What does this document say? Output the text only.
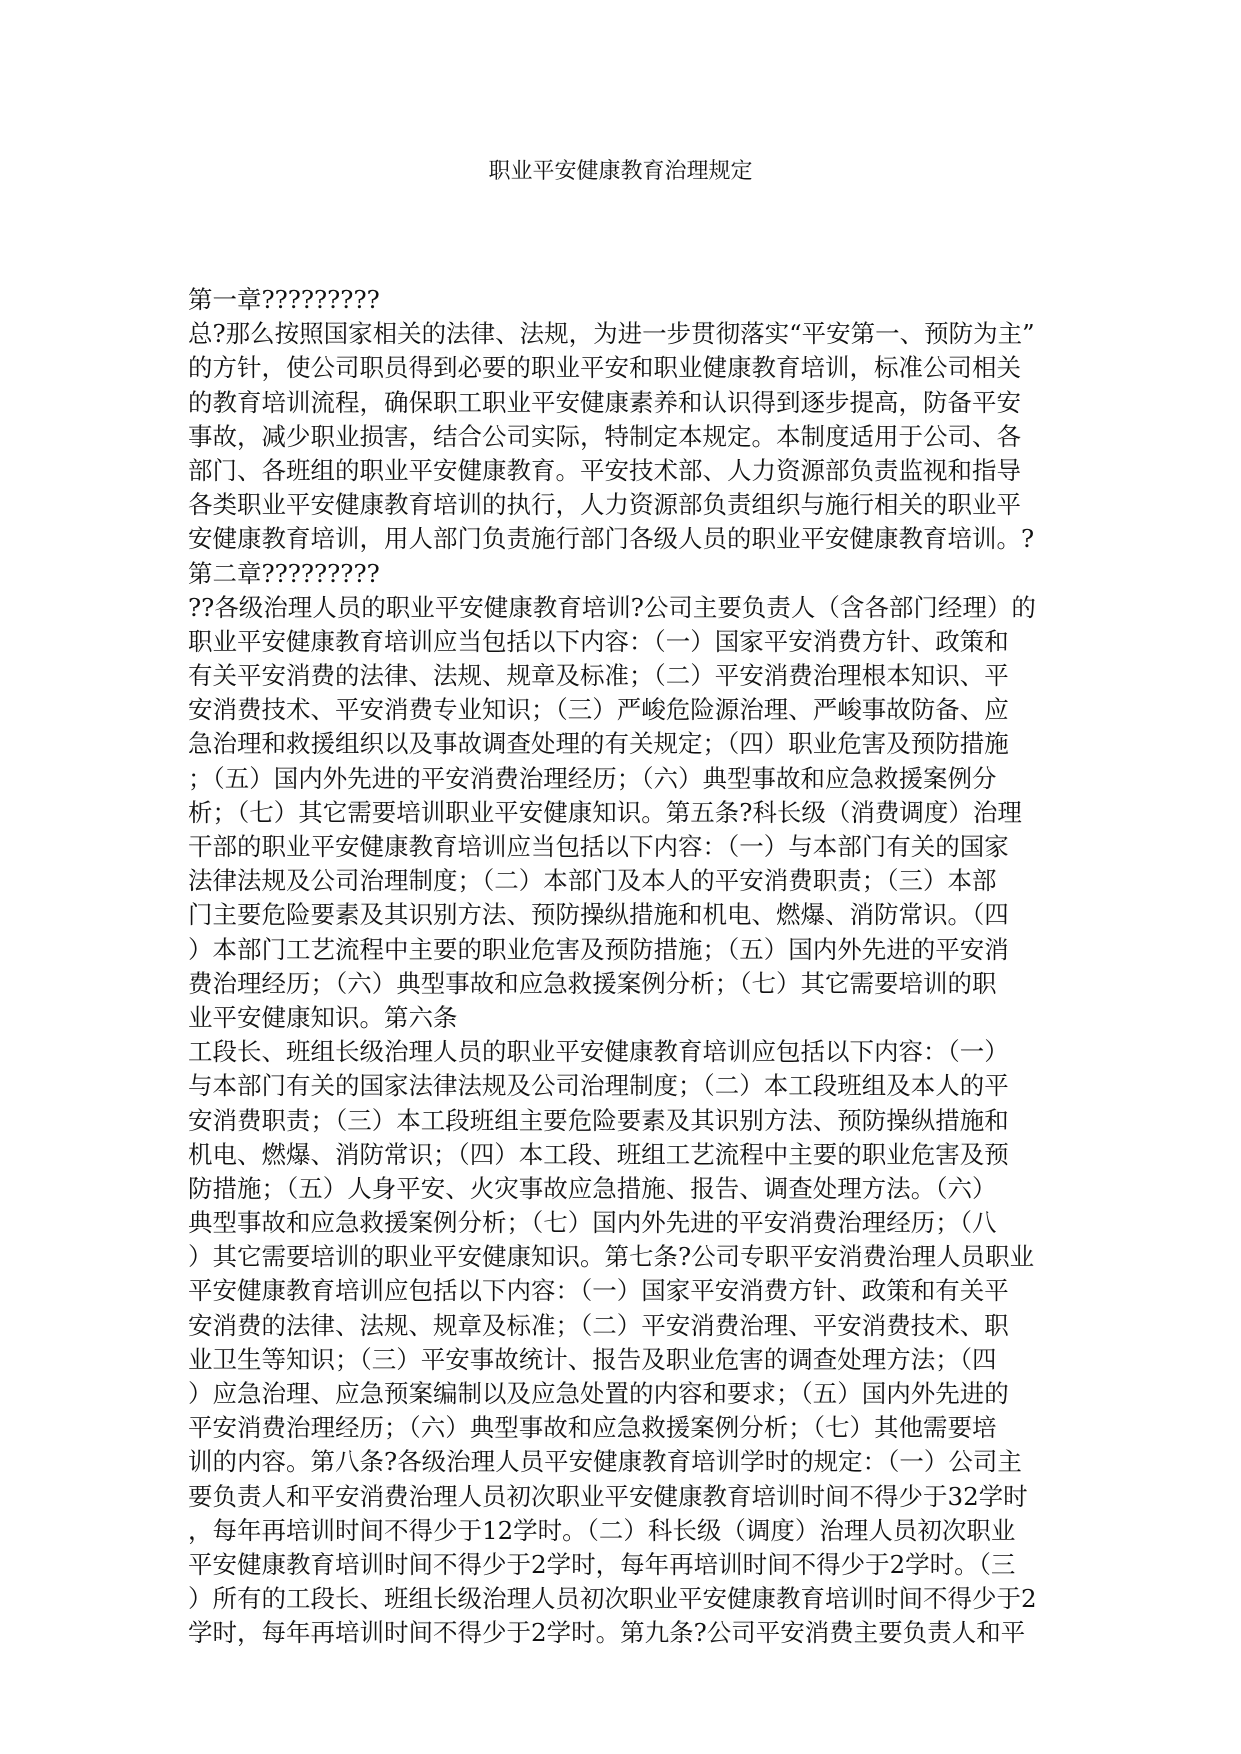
职业平安健康教育治理规定
第一章?????????
总?那么按照国家相关的法律、法规，为进一步贯彻落实“平安第一、预防为主”
的方针，使公司职员得到必要的职业平安和职业健康教育培训，标准公司相关
的教育培训流程，确保职工职业平安健康素养和认识得到逐步提高，防备平安
事故，减少职业损害，结合公司实际，特制定本规定。本制度适用于公司、各
部门、各班组的职业平安健康教育。平安技术部、人力资源部负责监视和指导
各类职业平安健康教育培训的执行，人力资源部负责组织与施行相关的职业平
安健康教育培训，用人部门负责施行部门各级人员的职业平安健康教育培训。?
第二章?????????
??各级治理人员的职业平安健康教育培训?公司主要负责人（含各部门经理）的
职业平安健康教育培训应当包括以下内容：（一）国家平安消费方针、政策和
有关平安消费的法律、法规、规章及标准；（二）平安消费治理根本知识、平
安消费技术、平安消费专业知识；（三）严峻危险源治理、严峻事故防备、应
急治理和救援组织以及事故调查处理的有关规定；（四）职业危害及预防措施
；（五）国内外先进的平安消费治理经历；（六）典型事故和应急救援案例分
析；（七）其它需要培训职业平安健康知识。第五条?科长级（消费调度）治理
干部的职业平安健康教育培训应当包括以下内容：（一）与本部门有关的国家
法律法规及公司治理制度；（二）本部门及本人的平安消费职责；（三）本部
门主要危险要素及其识别方法、预防操纵措施和机电、燃爆、消防常识。（四
）本部门工艺流程中主要的职业危害及预防措施；（五）国内外先进的平安消
费治理经历；（六）典型事故和应急救援案例分析；（七）其它需要培训的职
业平安健康知识。第六条
工段长、班组长级治理人员的职业平安健康教育培训应包括以下内容：（一）
与本部门有关的国家法律法规及公司治理制度；（二）本工段班组及本人的平
安消费职责；（三）本工段班组主要危险要素及其识别方法、预防操纵措施和
机电、燃爆、消防常识；（四）本工段、班组工艺流程中主要的职业危害及预
防措施；（五）人身平安、火灾事故应急措施、报告、调查处理方法。（六）
典型事故和应急救援案例分析；（七）国内外先进的平安消费治理经历；（八
）其它需要培训的职业平安健康知识。第七条?公司专职平安消费治理人员职业
平安健康教育培训应包括以下内容：（一）国家平安消费方针、政策和有关平
安消费的法律、法规、规章及标准；（二）平安消费治理、平安消费技术、职
业卫生等知识；（三）平安事故统计、报告及职业危害的调查处理方法；（四
）应急治理、应急预案编制以及应急处置的内容和要求；（五）国内外先进的
平安消费治理经历；（六）典型事故和应急救援案例分析；（七）其他需要培
训的内容。第八条?各级治理人员平安健康教育培训学时的规定：（一）公司主
要负责人和平安消费治理人员初次职业平安健康教育培训时间不得少于32学时
，每年再培训时间不得少于12学时。（二）科长级（调度）治理人员初次职业
平安健康教育培训时间不得少于2学时，每年再培训时间不得少于2学时。（三
）所有的工段长、班组长级治理人员初次职业平安健康教育培训时间不得少于2
学时，每年再培训时间不得少于2学时。第九条?公司平安消费主要负责人和平
